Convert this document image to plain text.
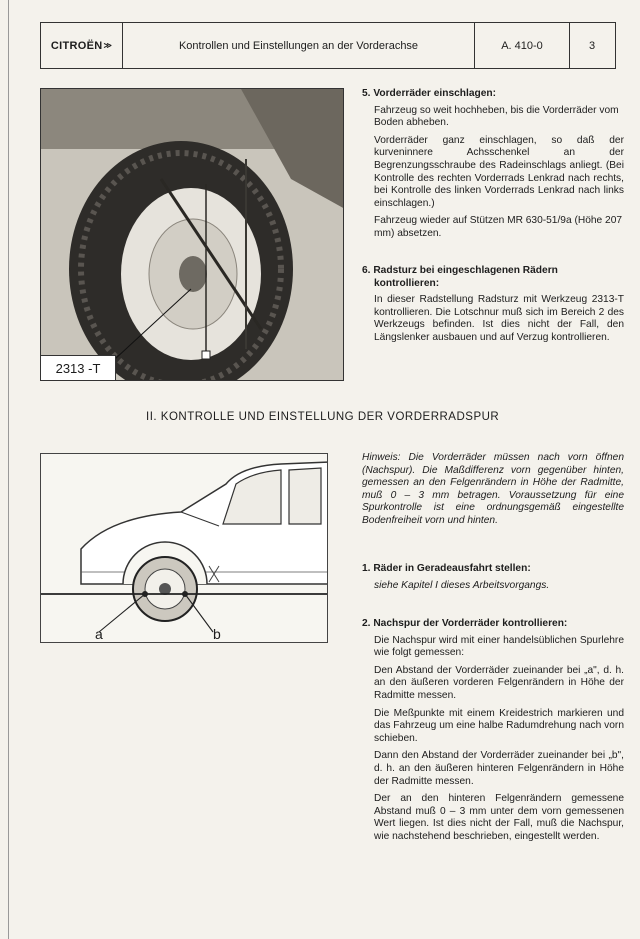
CITROËN ≫	Kontrollen und Einstellungen an der Vorderachse	A. 410-0	3
2313 -T

5. Vorderräder einschlagen:

Fahrzeug so weit hochheben, bis die Vorderräder vom Boden abheben.

Vorderräder ganz einschlagen, so daß der kurveninnere Achsschenkel an der Begrenzungsschraube des Radeinschlags anliegt. (Bei Kontrolle des rechten Vorderrads Lenkrad nach rechts, bei Kontrolle des linken Vorderrads Lenkrad nach links einschlagen.)

Fahrzeug wieder auf Stützen MR 630-51/9a (Höhe 207 mm) absetzen.

6. Radsturz bei eingeschlagenen Rädern kontrollieren:

In dieser Radstellung Radsturz mit Werkzeug 2313-T kontrollieren. Die Lotschnur muß sich im Bereich 2 des Werkzeugs befinden. Ist dies nicht der Fall, den Längslenker ausbauen und auf Verzug kontrollieren.

II. KONTROLLE UND EINSTELLUNG DER VORDERRADSPUR
a	b

Hinweis: Die Vorderräder müssen nach vorn öffnen (Nachspur). Die Maßdifferenz vorn gegenüber hinten, gemessen an den Felgenrändern in Höhe der Radmitte, muß 0 – 3 mm betragen. Voraussetzung für eine Spurkontrolle ist eine ordnungsgemäß eingestellte Bodenfreiheit vorn und hinten.

1. Räder in Geradeausfahrt stellen:

siehe Kapitel I dieses Arbeitsvorgangs.

2. Nachspur der Vorderräder kontrollieren:

Die Nachspur wird mit einer handelsüblichen Spurlehre wie folgt gemessen:

Den Abstand der Vorderräder zueinander bei „a", d. h. an den äußeren vorderen Felgenrändern in Höhe der Radmitte messen.

Die Meßpunkte mit einem Kreidestrich markieren und das Fahrzeug um eine halbe Radumdrehung nach vorn schieben.

Dann den Abstand der Vorderräder zueinander bei „b", d. h. an den äußeren hinteren Felgenrändern in Höhe der Radmitte messen.

Der an den hinteren Felgenrändern gemessene Abstand muß 0 – 3 mm unter dem vorn gemessenen Wert liegen. Ist dies nicht der Fall, muß die Nachspur, wie nachstehend beschrieben, eingestellt werden.
